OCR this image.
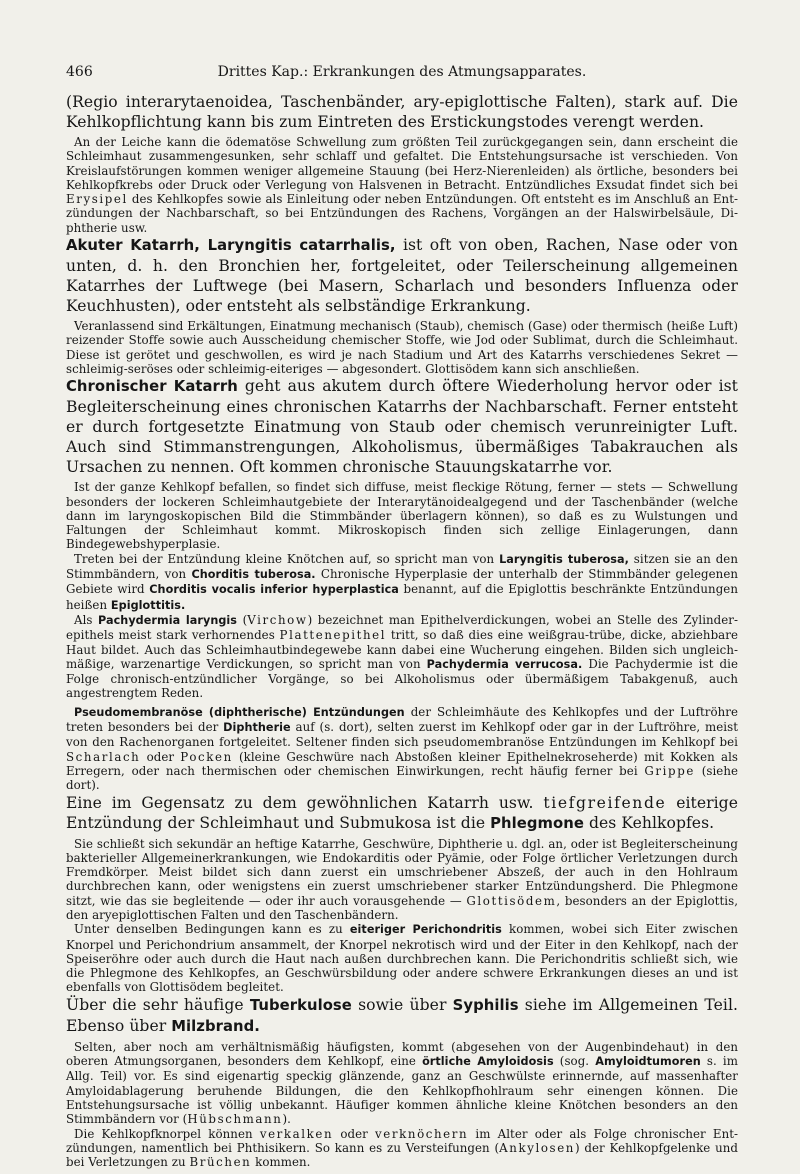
466	Drittes Kap.: Erkrankungen des Atmungsapparates.

(Regio interarytaenoidea, Taschenbänder, ary-epiglottische Falten), stark auf. Die Kehlkopflichtung kann bis zum Eintreten des Erstickungstodes verengt werden.

An der Leiche kann die ödematöse Schwellung zum größten Teil zurückgegangen sein, dann erscheint die Schleimhaut zusammengesunken, sehr schlaff und gefaltet. Die Entstehungsursache ist verschieden. Von Kreislaufstörungen kommen weniger allgemeine Stauung (bei Herz-Nierenleiden) als örtliche, besonders bei Kehlkopfkrebs oder Druck oder Verlegung von Halsvenen in Betracht. Entzündliches Exsudat findet sich bei Erysipel des Kehlkopfes sowie als Einleitung oder neben Entzündungen. Oft entsteht es im Anschluß an Entzündungen der Nachbarschaft, so bei Entzündungen des Rachens, Vorgängen an der Halswirbelsäule, Diphtherie usw.

Akuter Katarrh, Laryngitis catarrhalis, ist oft von oben, Rachen, Nase oder von unten, d. h. den Bronchien her, fortgeleitet, oder Teilerscheinung allgemeinen Katarrhes der Luftwege (bei Masern, Scharlach und besonders Influenza oder Keuchhusten), oder entsteht als selbständige Erkrankung.

Veranlassend sind Erkältungen, Einatmung mechanisch (Staub), chemisch (Gase) oder thermisch (heiße Luft) reizender Stoffe sowie auch Ausscheidung chemischer Stoffe, wie Jod oder Sublimat, durch die Schleimhaut. Diese ist gerötet und geschwollen, es wird je nach Stadium und Art des Katarrhs verschiedenes Sekret — schleimig-seröses oder schleimig-eiteriges — abgesondert. Glottisödem kann sich anschließen.

Chronischer Katarrh geht aus akutem durch öftere Wiederholung hervor oder ist Begleiterscheinung eines chronischen Katarrhs der Nachbarschaft. Ferner entsteht er durch fortgesetzte Einatmung von Staub oder chemisch verunreinigter Luft. Auch sind Stimmanstrengungen, Alkoholismus, übermäßiges Tabakrauchen als Ursachen zu nennen. Oft kommen chronische Stauungskatarrhe vor.

Ist der ganze Kehlkopf befallen, so findet sich diffuse, meist fleckige Rötung, ferner — stets — Schwellung besonders der lockeren Schleimhautgebiete der Interarytänoidealgegend und der Taschenbänder (welche dann im laryngoskopischen Bild die Stimmbänder überlagern können), so daß es zu Wulstungen und Faltungen der Schleimhaut kommt. Mikroskopisch finden sich zellige Einlagerungen, dann Bindegewebshyperplasie.

Treten bei der Entzündung kleine Knötchen auf, so spricht man von Laryngitis tuberosa, sitzen sie an den Stimmbändern, von Chorditis tuberosa. Chronische Hyperplasie der unterhalb der Stimmbänder gelegenen Gebiete wird Chorditis vocalis inferior hyperplastica benannt, auf die Epiglottis beschränkte Entzündungen heißen Epiglottitis.

Als Pachydermia laryngis (Virchow) bezeichnet man Epithelverdickungen, wobei an Stelle des Zylinderepithels meist stark verhornendes Plattenepithel tritt, so daß dies eine weißgrau-trübe, dicke, abziehbare Haut bildet. Auch das Schleimhautbindegewebe kann dabei eine Wucherung eingehen. Bilden sich ungleichmäßige, warzenartige Verdickungen, so spricht man von Pachydermia verrucosa. Die Pachydermie ist die Folge chronisch-entzündlicher Vorgänge, so bei Alkoholismus oder übermäßigem Tabakgenuß, auch angestrengtem Reden.

Pseudomembranöse (diphtherische) Entzündungen der Schleimhäute des Kehlkopfes und der Luftröhre treten besonders bei der Diphtherie auf (s. dort), selten zuerst im Kehlkopf oder gar in der Luftröhre, meist von den Rachenorganen fortgeleitet. Seltener finden sich pseudomembranöse Entzündungen im Kehlkopf bei Scharlach oder Pocken (kleine Geschwüre nach Abstoßen kleiner Epithelnekroseherde) mit Kokken als Erregern, oder nach thermischen oder chemischen Einwirkungen, recht häufig ferner bei Grippe (siehe dort).

Eine im Gegensatz zu dem gewöhnlichen Katarrh usw. tiefgreifende eiterige Entzündung der Schleimhaut und Submukosa ist die Phlegmone des Kehlkopfes.

Sie schließt sich sekundär an heftige Katarrhe, Geschwüre, Diphtherie u. dgl. an, oder ist Begleiterscheinung bakterieller Allgemeinerkrankungen, wie Endokarditis oder Pyämie, oder Folge örtlicher Verletzungen durch Fremdkörper. Meist bildet sich dann zuerst ein umschriebener Abszeß, der auch in den Hohlraum durchbrechen kann, oder wenigstens ein zuerst umschriebener starker Entzündungsherd. Die Phlegmone sitzt, wie das sie begleitende — oder ihr auch vorausgehende — Glottisödem, besonders an der Epiglottis, den aryepiglottischen Falten und den Taschenbändern.

Unter denselben Bedingungen kann es zu eiteriger Perichondritis kommen, wobei sich Eiter zwischen Knorpel und Perichondrium ansammelt, der Knorpel nekrotisch wird und der Eiter in den Kehlkopf, nach der Speiseröhre oder auch durch die Haut nach außen durchbrechen kann. Die Perichondritis schließt sich, wie die Phlegmone des Kehlkopfes, an Geschwürsbildung oder andere schwere Erkrankungen dieses an und ist ebenfalls von Glottisödem begleitet.

Über die sehr häufige Tuberkulose sowie über Syphilis siehe im Allgemeinen Teil. Ebenso über Milzbrand.

Selten, aber noch am verhältnismäßig häufigsten, kommt (abgesehen von der Augenbindehaut) in den oberen Atmungsorganen, besonders dem Kehlkopf, eine örtliche Amyloidosis (sog. Amyloidtumoren s. im Allg. Teil) vor. Es sind eigenartig speckig glänzende, ganz an Geschwülste erinnernde, auf massenhafter Amyloidablagerung beruhende Bildungen, die den Kehlkopfhohlraum sehr einengen können. Die Entstehungsursache ist völlig unbekannt. Häufiger kommen ähnliche kleine Knötchen besonders an den Stimmbändern vor (Hübschmann).

Die Kehlkopfknorpel können verkalken oder verknöchern im Alter oder als Folge chronischer Entzündungen, namentlich bei Phthisikern. So kann es zu Versteifungen (Ankylosen) der Kehlkopfgelenke und bei Verletzungen zu Brüchen kommen.
